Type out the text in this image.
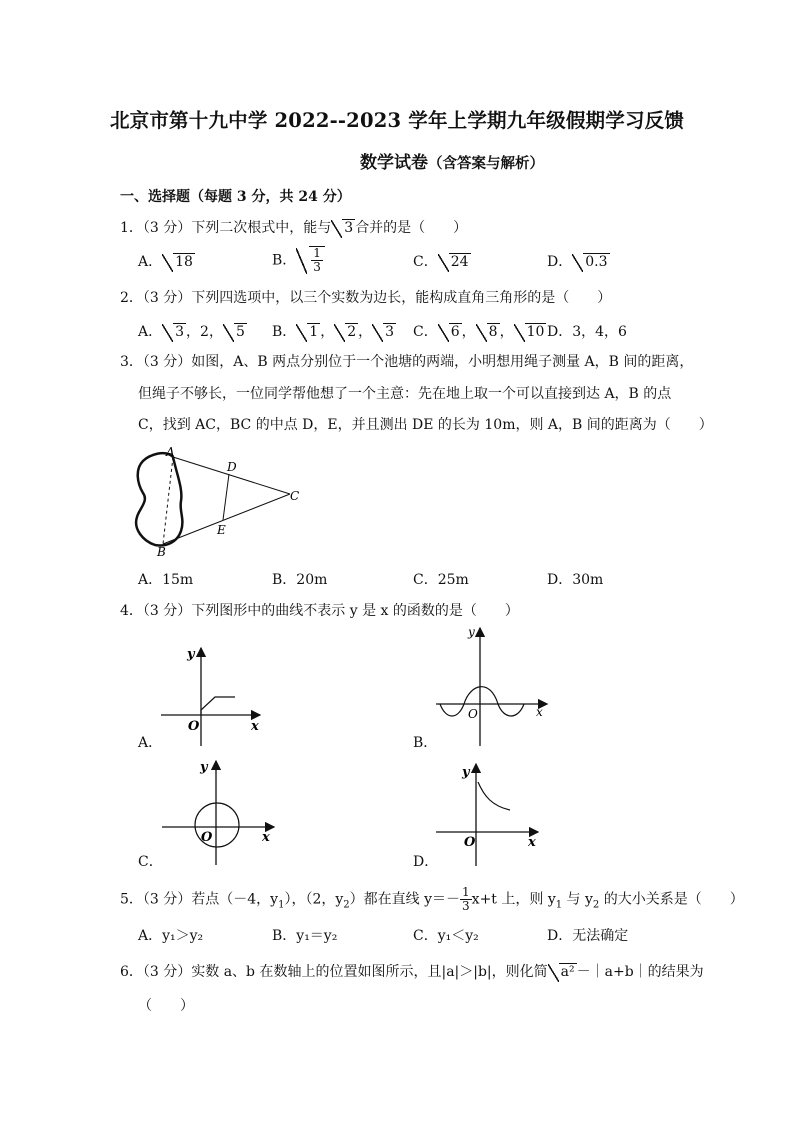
北京市第十九中学 2022--2023 学年上学期九年级假期学习反馈
数学试卷（含答案与解析）
一、选择题（每题 3 分，共 24 分）
1．（3 分）下列二次根式中，能与 3 合并的是（　　）
A． 18	B． $\frac{1}{3}$	C． 24	D． 0.3
2．（3 分）下列四选项中，以三个实数为边长，能构成直角三角形的是（　　）
A． 3 ，2， 5 B． 1 ， 2 ， 3 C． 6 ， 8 ， 10 D．3，4，6
3．（3 分）如图，A、B 两点分别位于一个池塘的两端，小明想用绳子测量 A，B 间的距离，
但绳子不够长，一位同学帮他想了一个主意：先在地上取一个可以直接到达 A，B 的点
C，找到 AC，BC 的中点 D，E，并且测出 DE 的长为 10m，则 A，B 间的距离为（　　）
A
B
C
D
E
A．15m	B．20m	C．25m	D．30m
4．（3 分）下列图形中的曲线不表示 y 是 x 的函数的是（　　）
y
x
O
A．
y
x
O
B．
y
x
O
C．
y
x
O
D．
5．（3 分）若点（－4，$y_1$），（2，$y_2$）都在直线 $y=- \frac{1}{3} x+t$ 上，则 $y_1$ 与 $y_2$ 的大小关系是（　　）
A．y₁＞y₂	B．y₁＝y₂	C．y₁＜y₂	D．无法确定
6．（3 分）实数 a、b 在数轴上的位置如图所示，且|a|＞|b|，则化简 a² －｜a+b｜的结果为
（　　）
